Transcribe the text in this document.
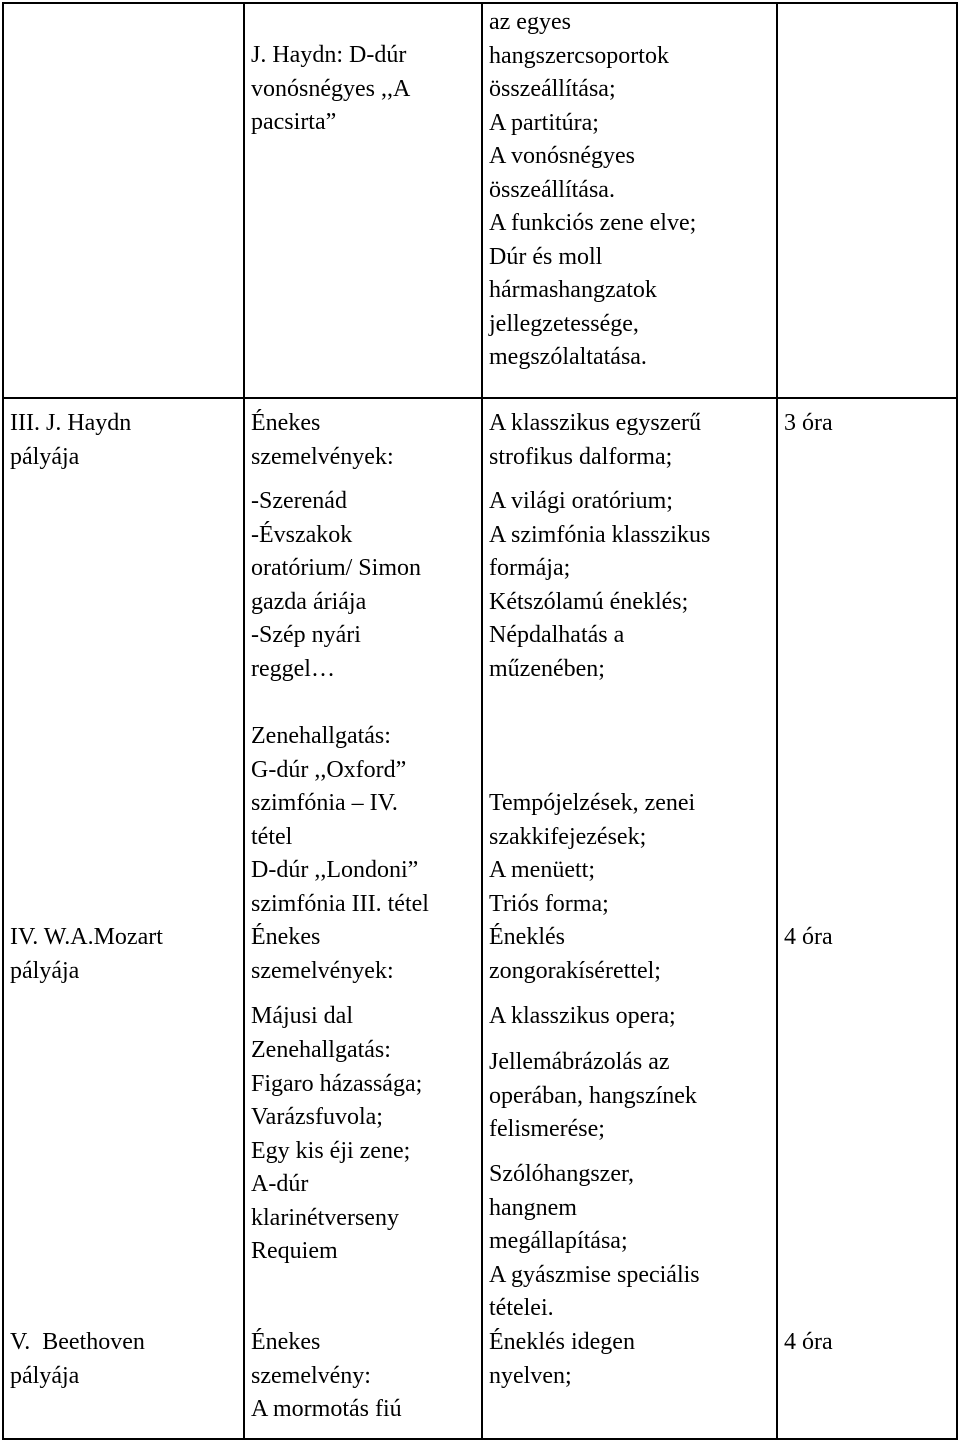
J. Haydn: D-dúr
vonósnégyes ,,A
pacsirta”
az egyes
hangszercsoportok
összeállítása;
A partitúra;
A vonósnégyes
összeállítása.
A funkciós zene elve;
Dúr és moll
hármashangzatok
jellegzetessége,
megszólaltatása.
III. J. Haydn
pályája
Énekes
szemelvények:
-Szerenád
-Évszakok
oratórium/ Simon
gazda áriája
-Szép nyári
reggel…
A klasszikus egyszerű
strofikus dalforma;
A világi oratórium;
A szimfónia klasszikus
formája;
Kétszólamú éneklés;
Népdalhatás a
műzenében;
3 óra
IV. W.A.Mozart
pályája
Zenehallgatás:
G-dúr ,,Oxford”
szimfónia – IV.
tétel
D-dúr ,,Londoni”
szimfónia III. tétel
Énekes
szemelvények:
Májusi dal
Zenehallgatás:
Figaro házassága;
Varázsfuvola;
Egy kis éji zene;
A-dúr
klarinétverseny
Requiem
Tempójelzések, zenei
szakkifejezések;
A menüett;
Triós forma;
Éneklés
zongorakísérettel;
A klasszikus opera;
Jellemábrázolás az
operában, hangszínek
felismerése;
Szólóhangszer,
hangnem
megállapítása;
A gyászmise speciális
tételei.
4 óra
V.  Beethoven
pályája
Énekes
szemelvény:
A mormotás fiú
Éneklés idegen
nyelven;
4 óra
